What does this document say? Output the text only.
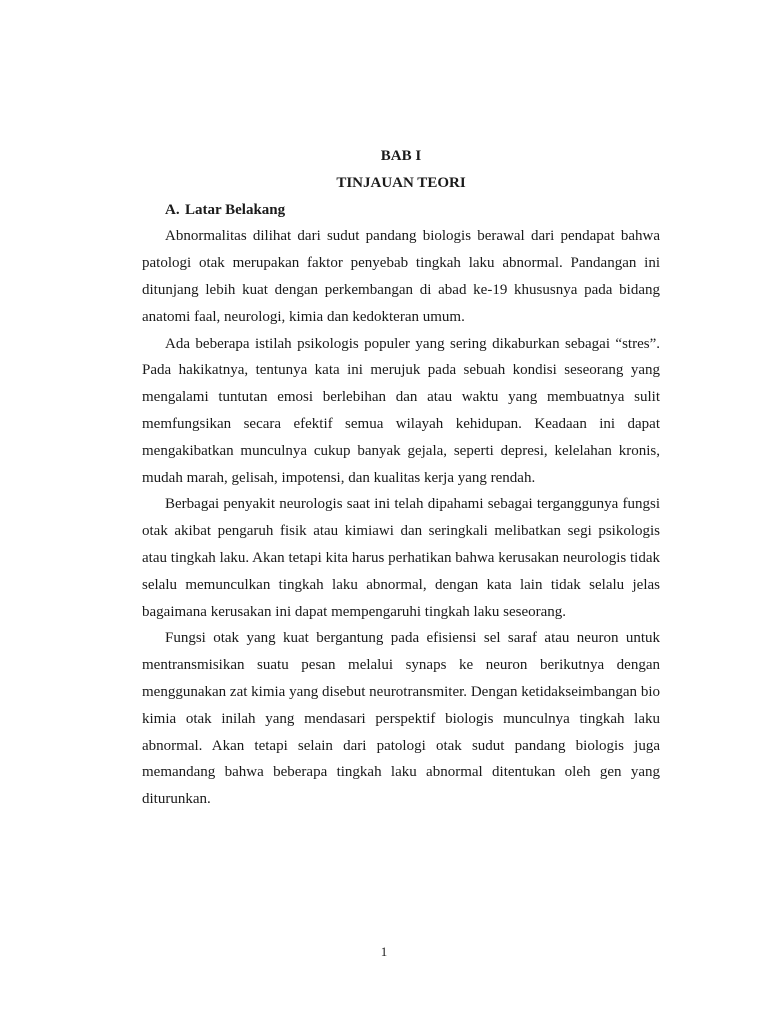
BAB I

TINJAUAN TEORI

A. Latar Belakang

Abnormalitas dilihat dari sudut pandang biologis berawal dari pendapat bahwa patologi otak merupakan faktor penyebab tingkah laku abnormal. Pandangan ini ditunjang lebih kuat dengan perkembangan di abad ke-19 khususnya pada bidang anatomi faal, neurologi, kimia dan kedokteran umum.

Ada beberapa istilah psikologis populer yang sering dikaburkan sebagai “stres”. Pada hakikatnya, tentunya kata ini merujuk pada sebuah kondisi seseorang yang mengalami tuntutan emosi berlebihan dan atau waktu yang membuatnya sulit memfungsikan secara efektif semua wilayah kehidupan. Keadaan ini dapat mengakibatkan munculnya cukup banyak gejala, seperti depresi, kelelahan kronis, mudah marah, gelisah, impotensi, dan kualitas kerja yang rendah.

Berbagai penyakit neurologis saat ini telah dipahami sebagai terganggunya fungsi otak akibat pengaruh fisik atau kimiawi dan seringkali melibatkan segi psikologis atau tingkah laku. Akan tetapi kita harus perhatikan bahwa kerusakan neurologis tidak selalu memunculkan tingkah laku abnormal, dengan kata lain tidak selalu jelas bagaimana kerusakan ini dapat mempengaruhi tingkah laku seseorang.

Fungsi otak yang kuat bergantung pada efisiensi sel saraf atau neuron untuk mentransmisikan suatu pesan melalui synaps ke neuron berikutnya dengan menggunakan zat kimia yang disebut neurotransmiter. Dengan ketidakseimbangan bio kimia otak inilah yang mendasari perspektif biologis munculnya tingkah laku abnormal. Akan tetapi selain dari patologi otak sudut pandang biologis juga memandang bahwa beberapa tingkah laku abnormal ditentukan oleh gen yang diturunkan.

1
